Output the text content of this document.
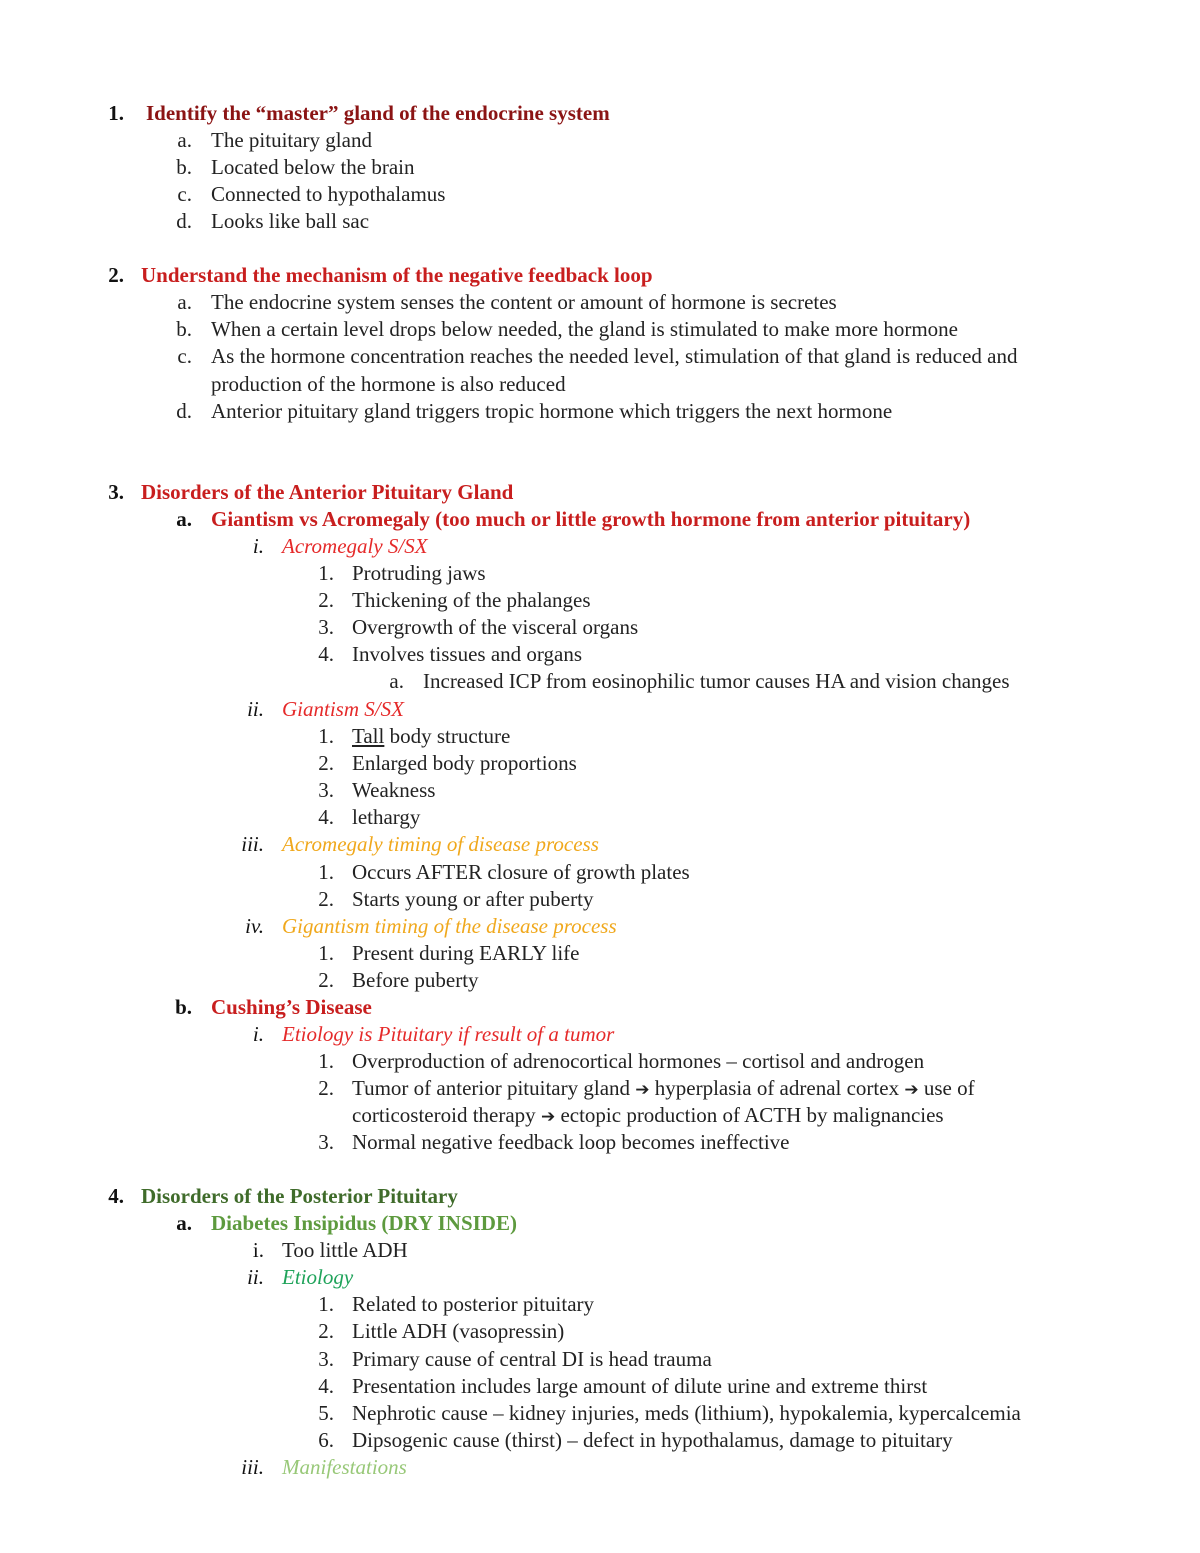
1. Identify the “master” gland of the endocrine system
a. The pituitary gland
b. Located below the brain
c. Connected to hypothalamus
d. Looks like ball sac
2. Understand the mechanism of the negative feedback loop
a. The endocrine system senses the content or amount of hormone is secretes
b. When a certain level drops below needed, the gland is stimulated to make more hormone
c. As the hormone concentration reaches the needed level, stimulation of that gland is reduced and
production of the hormone is also reduced
d. Anterior pituitary gland triggers tropic hormone which triggers the next hormone
3. Disorders of the Anterior Pituitary Gland
a. Giantism vs Acromegaly (too much or little growth hormone from anterior pituitary)
i. Acromegaly S/SX
1. Protruding jaws
2. Thickening of the phalanges
3. Overgrowth of the visceral organs
4. Involves tissues and organs
a. Increased ICP from eosinophilic tumor causes HA and vision changes
ii. Giantism S/SX
1. Tall body structure
2. Enlarged body proportions
3. Weakness
4. lethargy
iii. Acromegaly timing of disease process
1. Occurs AFTER closure of growth plates
2. Starts young or after puberty
iv. Gigantism timing of the disease process
1. Present during EARLY life
2. Before puberty
b. Cushing’s Disease
i. Etiology is Pituitary if result of a tumor
1. Overproduction of adrenocortical hormones – cortisol and androgen
2. Tumor of anterior pituitary gland ➔ hyperplasia of adrenal cortex ➔ use of
corticosteroid therapy ➔ ectopic production of ACTH by malignancies
3. Normal negative feedback loop becomes ineffective
4. Disorders of the Posterior Pituitary
a. Diabetes Insipidus (DRY INSIDE)
i. Too little ADH
ii. Etiology
1. Related to posterior pituitary
2. Little ADH (vasopressin)
3. Primary cause of central DI is head trauma
4. Presentation includes large amount of dilute urine and extreme thirst
5. Nephrotic cause – kidney injuries, meds (lithium), hypokalemia, kypercalcemia
6. Dipsogenic cause (thirst) – defect in hypothalamus, damage to pituitary
iii. Manifestations
